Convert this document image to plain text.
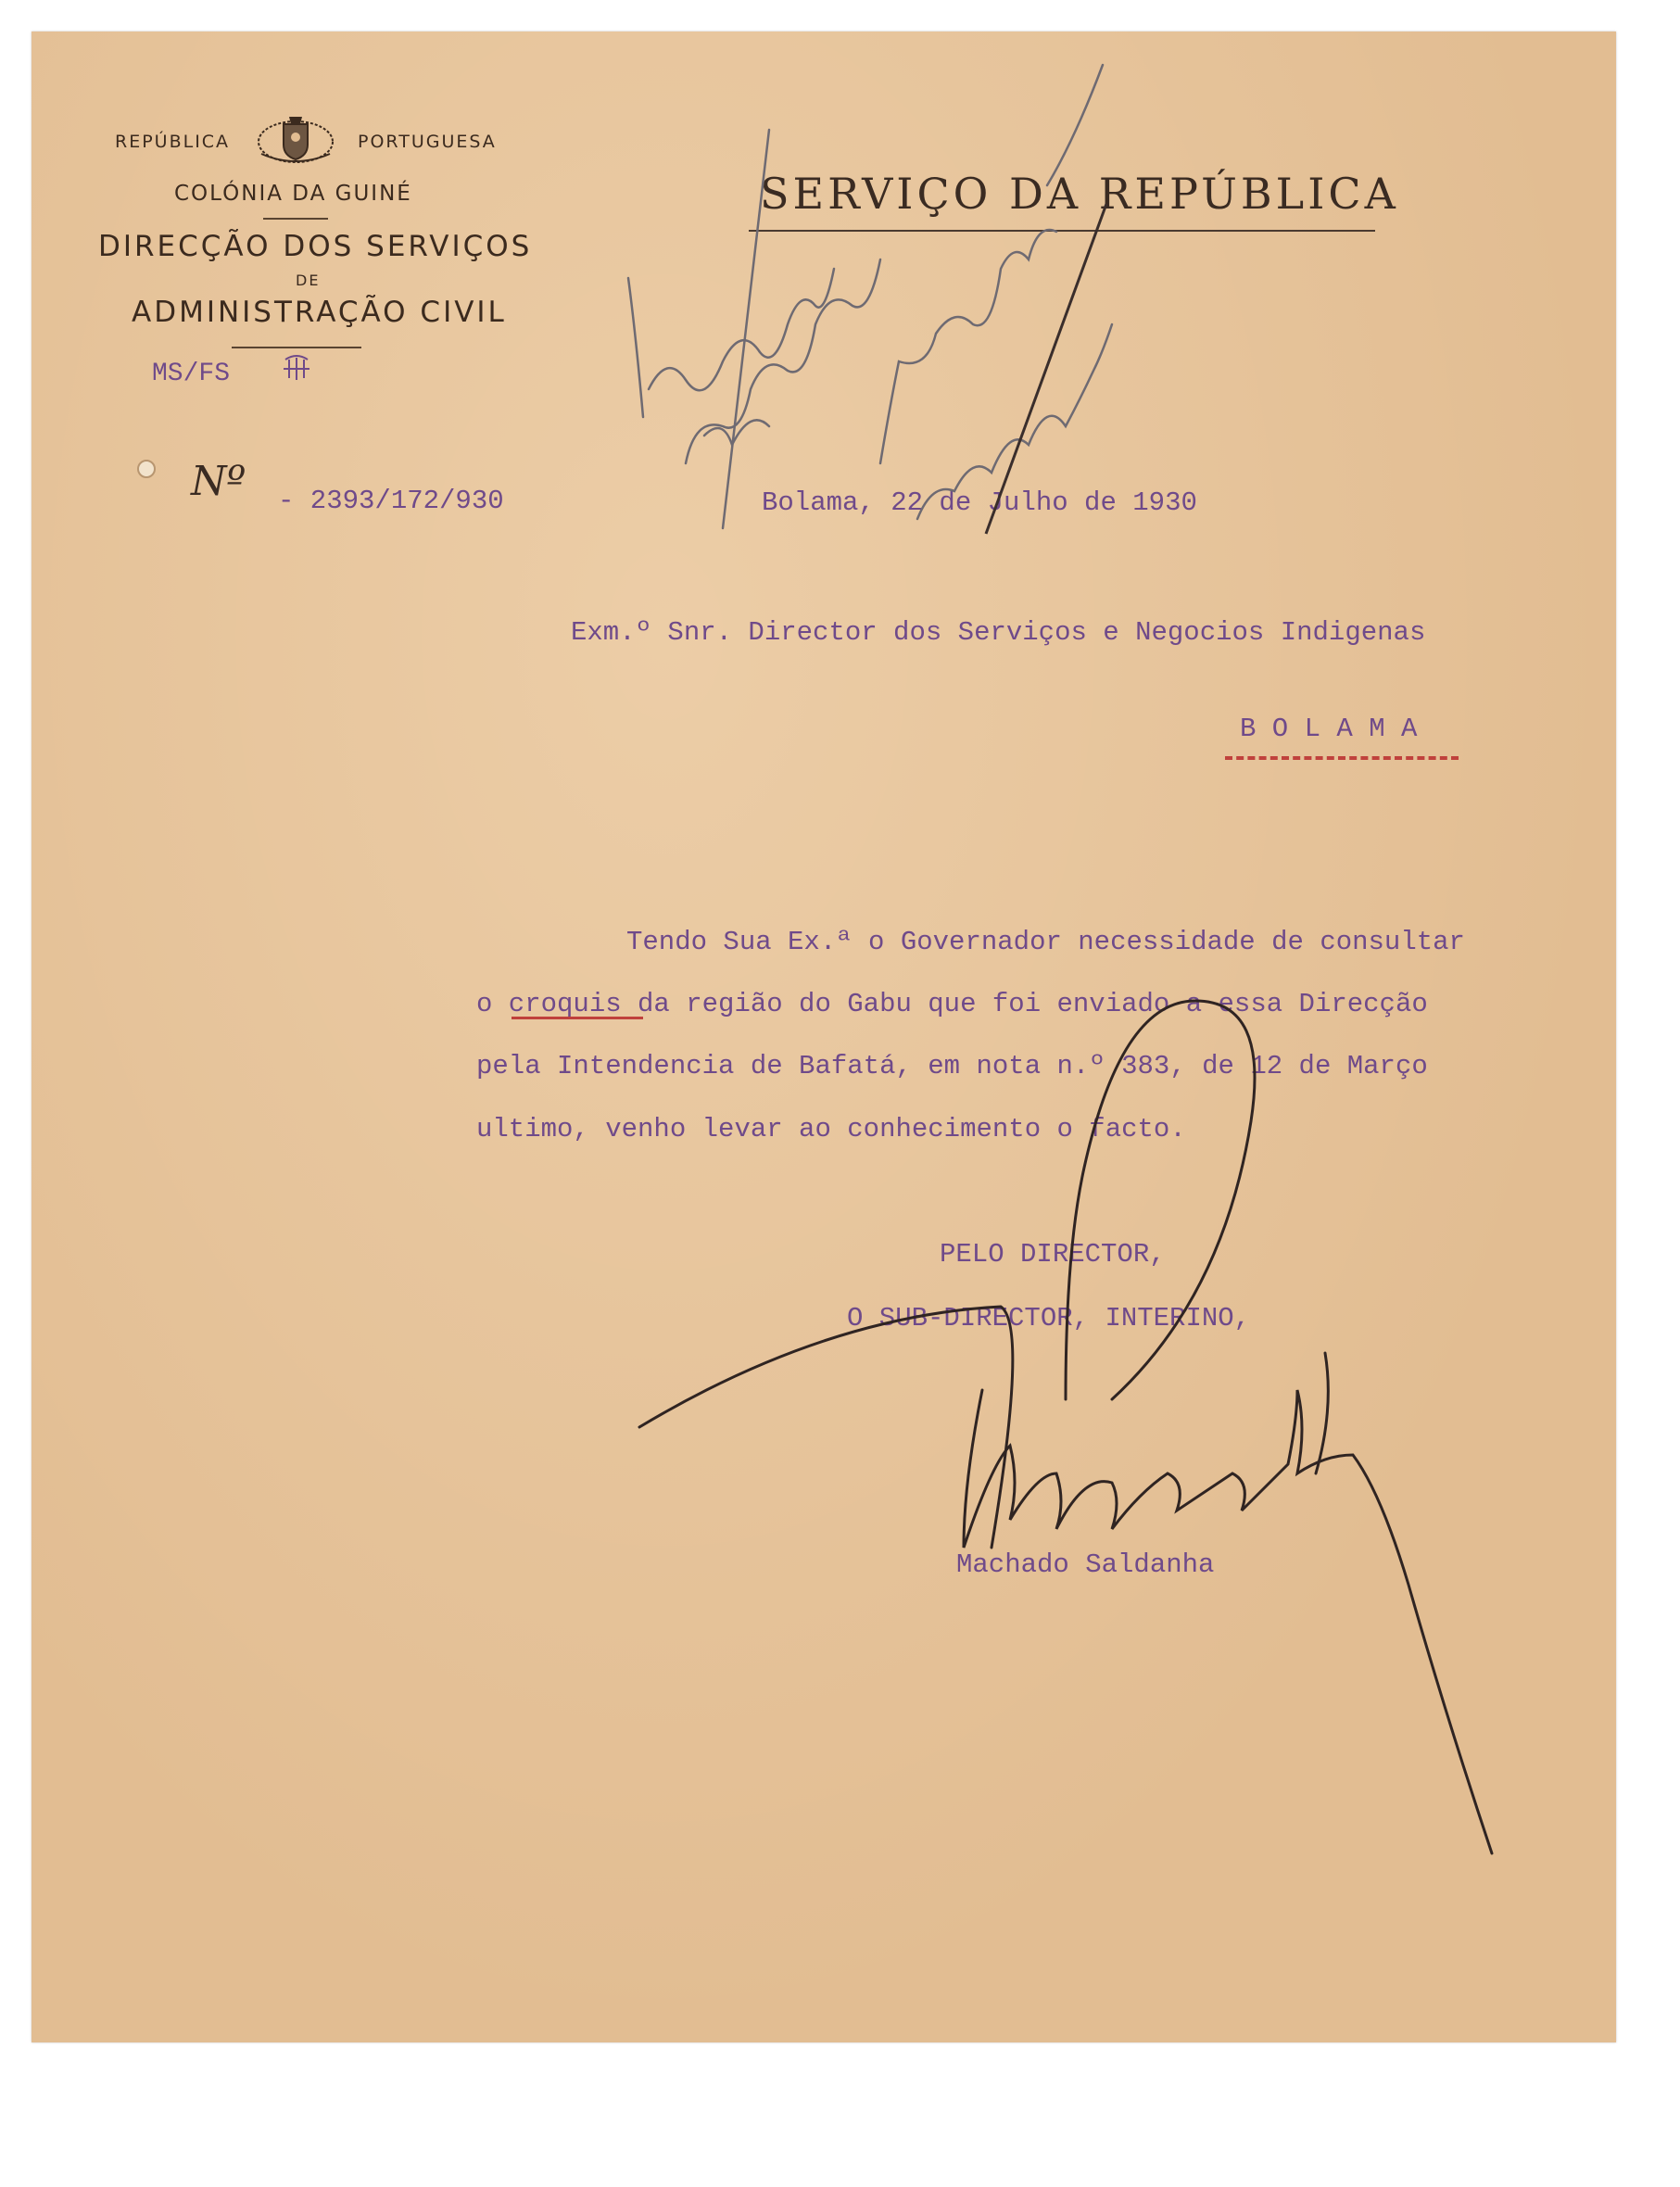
REPÚBLICA	PORTUGUESA
COLÓNIA DA GUINÉ
DIRECÇÃO DOS SERVIÇOS
DE
ADMINISTRAÇÃO CIVIL
MS/FS
Nº - 2393/172/930
SERVIÇO DA REPÚBLICA
Bolama, 22 de Julho de 1930
Exm.º Snr. Director dos Serviços e Negocios Indigenas
B O L A M A
Tendo Sua Ex.ª o Governador necessidade de consultar
o croquis da região do Gabu que foi enviado a essa Direcção
pela Intendencia de Bafatá, em nota n.º 383, de 12 de Março
ultimo, venho levar ao conhecimento o facto.
PELO DIRECTOR,
O SUB-DIRECTOR, INTERINO,
Machado Saldanha
